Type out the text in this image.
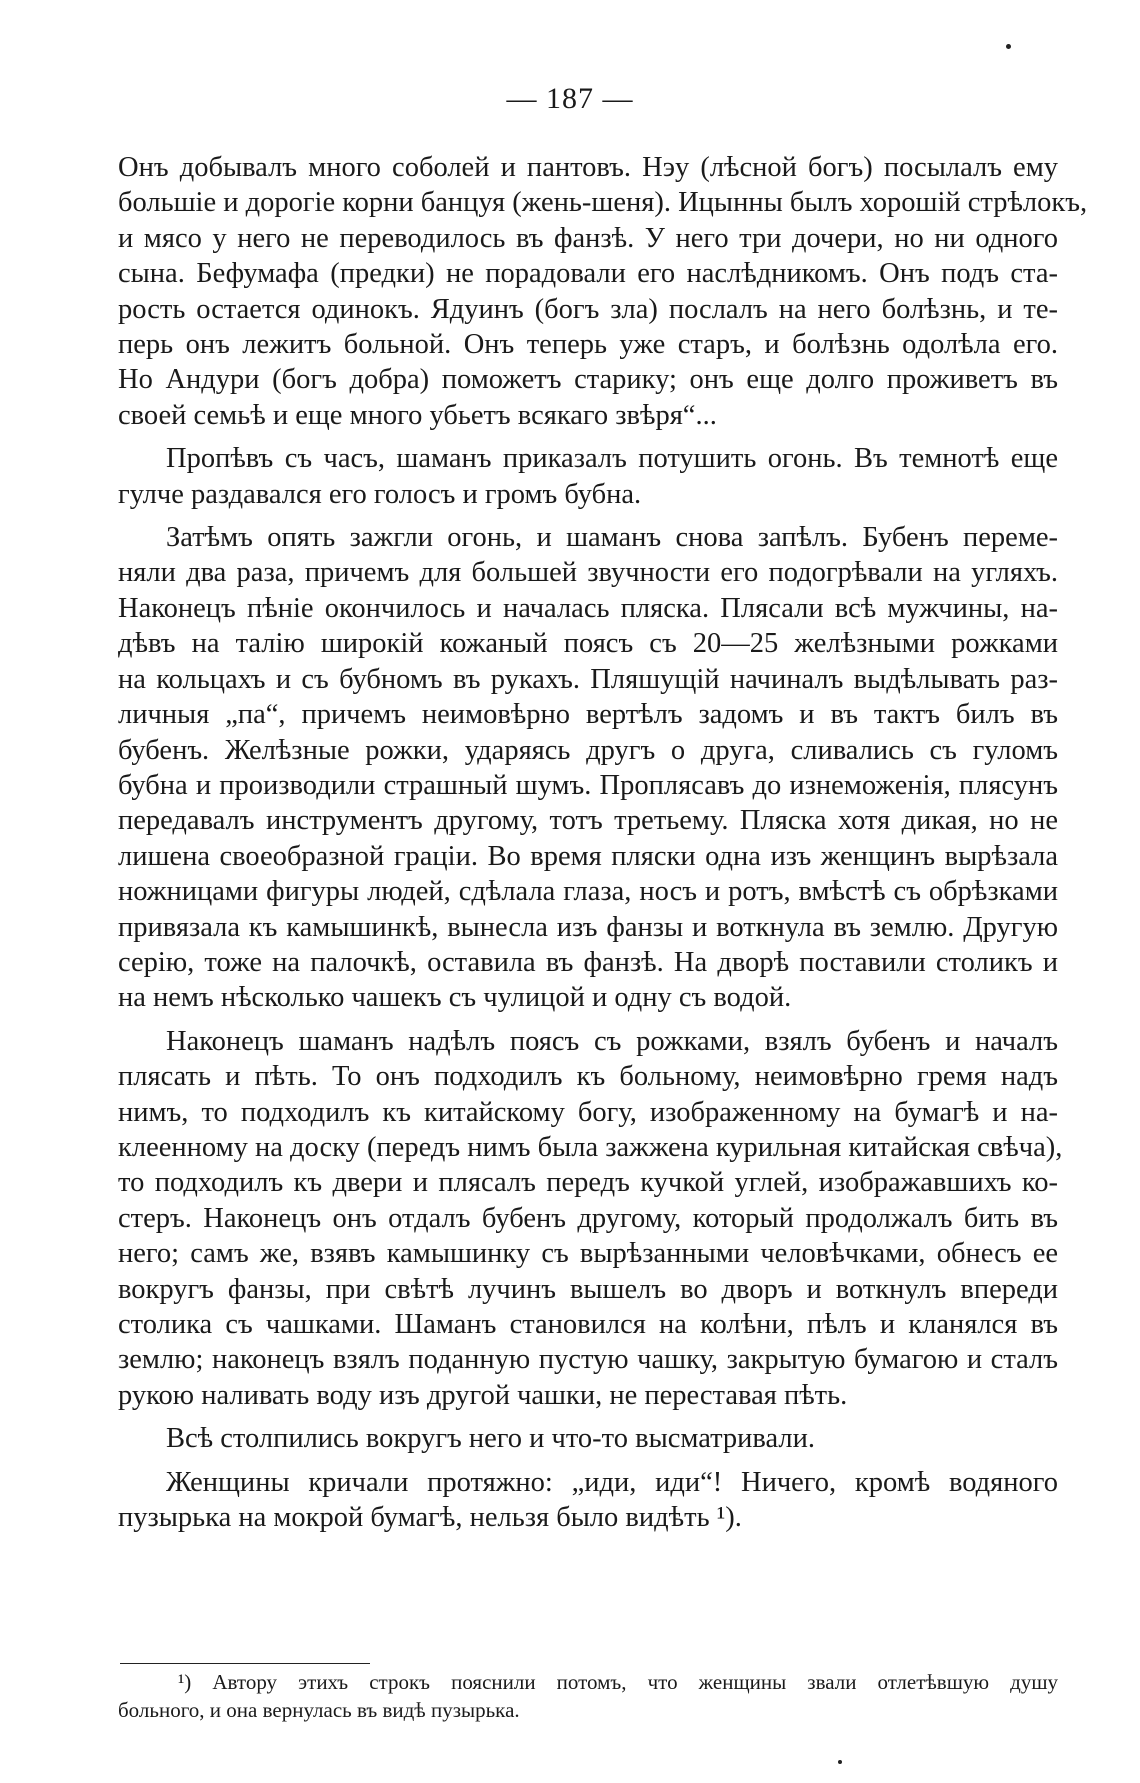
— 187 —
Онъ добывалъ много соболей и пантовъ. Нэу (лѣсной богъ) посылалъ ему
большіе и дорогіе корни банцуя (жень-шеня). Ицынны былъ хорошій стрѣлокъ,
и мясо у него не переводилось въ фанзѣ. У него три дочери, но ни одного
сына. Бефумафа (предки) не порадовали его наслѣдникомъ. Онъ подъ ста-
рость остается одинокъ. Ядуинъ (богъ зла) послалъ на него болѣзнь, и те-
перь онъ лежитъ больной. Онъ теперь уже старъ, и болѣзнь одолѣла его.
Но Андури (богъ добра) поможетъ старику; онъ еще долго проживетъ въ
своей семьѣ и еще много убьетъ всякаго звѣря“...
Пропѣвъ съ часъ, шаманъ приказалъ потушить огонь. Въ темнотѣ еще
гулче раздавался его голосъ и громъ бубна.
Затѣмъ опять зажгли огонь, и шаманъ снова запѣлъ. Бубенъ переме-
няли два раза, причемъ для большей звучности его подогрѣвали на угляхъ.
Наконецъ пѣніе окончилось и началась пляска. Плясали всѣ мужчины, на-
дѣвъ на талію широкій кожаный поясъ съ 20—25 желѣзными рожками
на кольцахъ и съ бубномъ въ рукахъ. Пляшущій начиналъ выдѣлывать раз-
личныя „па“, причемъ неимовѣрно вертѣлъ задомъ и въ тактъ билъ въ
бубенъ. Желѣзные рожки, ударяясь другъ о друга, сливались съ гуломъ
бубна и производили страшный шумъ. Проплясавъ до изнеможенія, плясунъ
передавалъ инструментъ другому, тотъ третьему. Пляска хотя дикая, но не
лишена своеобразной граціи. Во время пляски одна изъ женщинъ вырѣзала
ножницами фигуры людей, сдѣлала глаза, носъ и ротъ, вмѣстѣ съ обрѣзками
привязала къ камышинкѣ, вынесла изъ фанзы и воткнула въ землю. Другую
серію, тоже на палочкѣ, оставила въ фанзѣ. На дворѣ поставили столикъ и
на немъ нѣсколько чашекъ съ чулицой и одну съ водой.
Наконецъ шаманъ надѣлъ поясъ съ рожками, взялъ бубенъ и началъ
плясать и пѣть. То онъ подходилъ къ больному, неимовѣрно гремя надъ
нимъ, то подходилъ къ китайскому богу, изображенному на бумагѣ и на-
клеенному на доску (передъ нимъ была зажжена курильная китайская свѣча),
то подходилъ къ двери и плясалъ передъ кучкой углей, изображавшихъ ко-
стеръ. Наконецъ онъ отдалъ бубенъ другому, который продолжалъ бить въ
него; самъ же, взявъ камышинку съ вырѣзанными человѣчками, обнесъ ее
вокругъ фанзы, при свѣтѣ лучинъ вышелъ во дворъ и воткнулъ впереди
столика съ чашками. Шаманъ становился на колѣни, пѣлъ и кланялся въ
землю; наконецъ взялъ поданную пустую чашку, закрытую бумагою и сталъ
рукою наливать воду изъ другой чашки, не переставая пѣть.
Всѣ столпились вокругъ него и что-то высматривали.
Женщины кричали протяжно: „иди, иди“! Ничего, кромѣ водяного
пузырька на мокрой бумагѣ, нельзя было видѣть ¹).
¹) Автору этихъ строкъ пояснили потомъ, что женщины звали отлетѣвшую душу
больного, и она вернулась въ видѣ пузырька.
